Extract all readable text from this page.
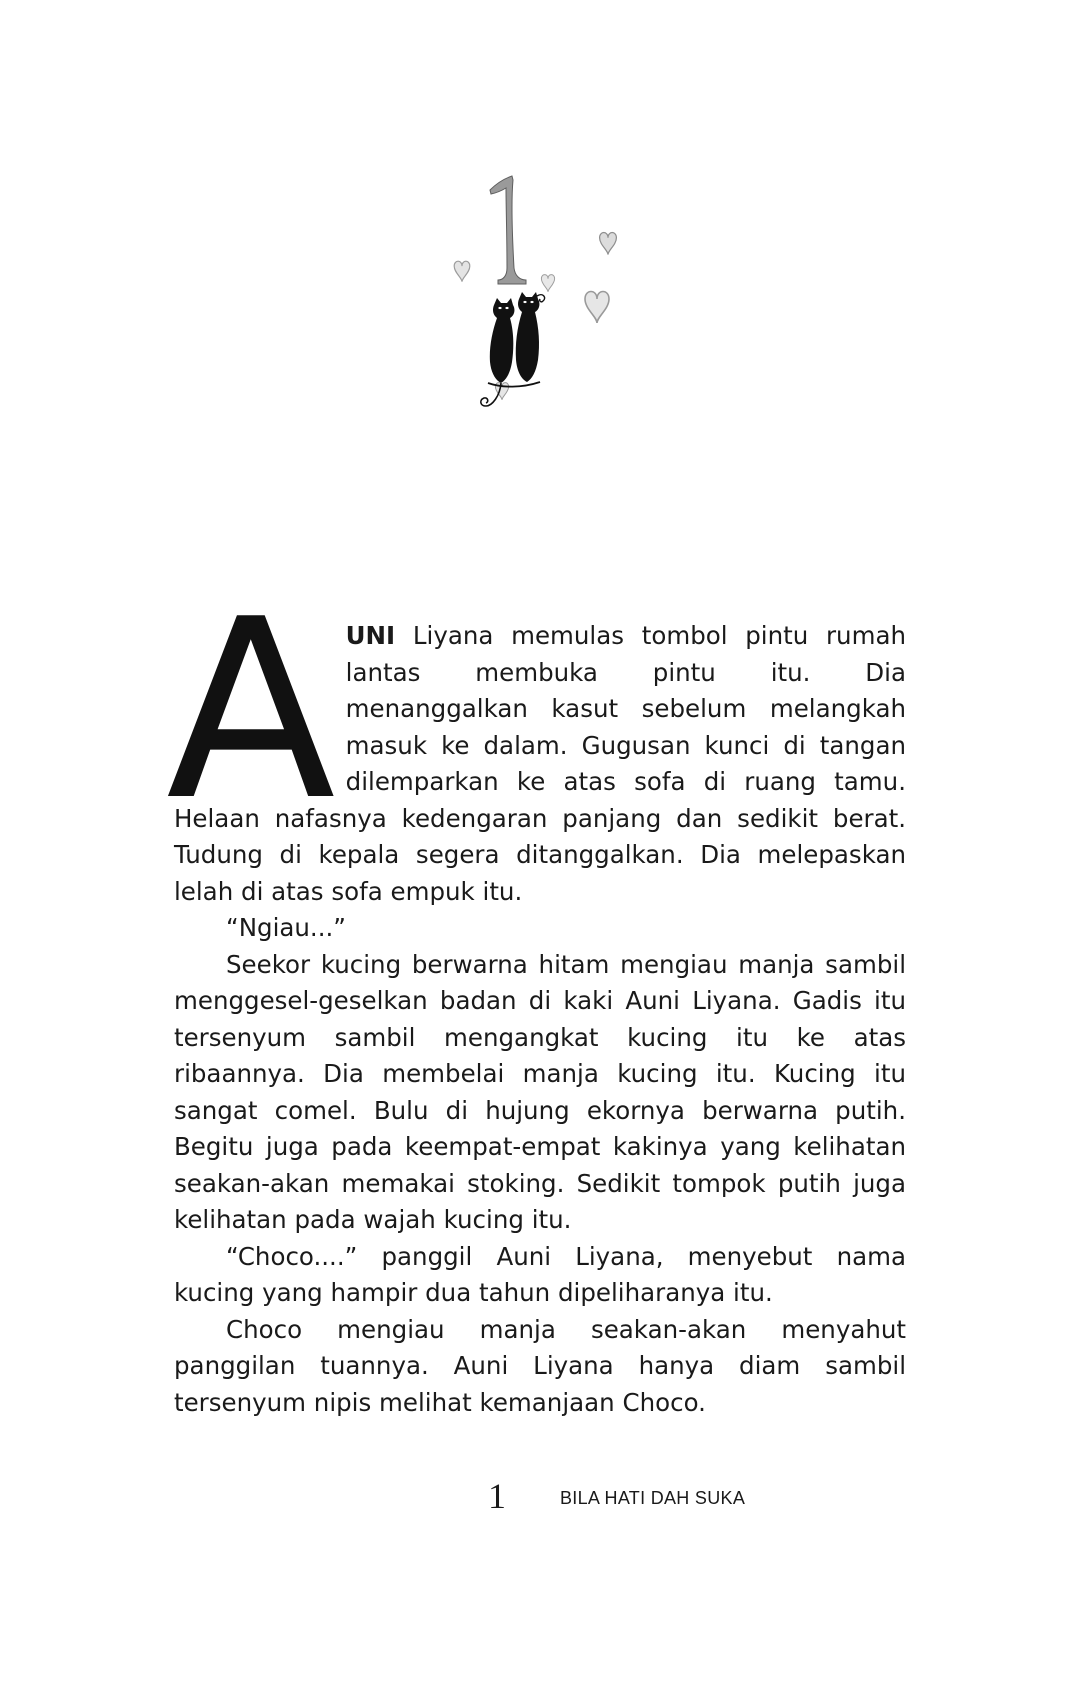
AUNI Liyana memulas tombol pintu rumah lantas membuka pintu itu. Dia menanggalkan kasut sebelum melangkah masuk ke dalam. Gugusan kunci di tangan dilemparkan ke atas sofa di ruang tamu. Helaan nafasnya kedengaran panjang dan sedikit berat. Tudung di kepala segera ditanggalkan. Dia melepaskan lelah di atas sofa empuk itu.

“Ngiau...”

Seekor kucing berwarna hitam mengiau manja sambil menggesel-geselkan badan di kaki Auni Liyana. Gadis itu tersenyum sambil mengangkat kucing itu ke atas ribaannya. Dia membelai manja kucing itu. Kucing itu sangat comel. Bulu di hujung ekornya berwarna putih. Begitu juga pada keempat-empat kakinya yang kelihatan seakan-akan memakai stoking. Sedikit tompok putih juga kelihatan pada wajah kucing itu.

“Choco....” panggil Auni Liyana, menyebut nama kucing yang hampir dua tahun dipeliharanya itu.

Choco mengiau manja seakan-akan menyahut panggilan tuannya. Auni Liyana hanya diam sambil tersenyum nipis melihat kemanjaan Choco.

1	BILA HATI DAH SUKA
